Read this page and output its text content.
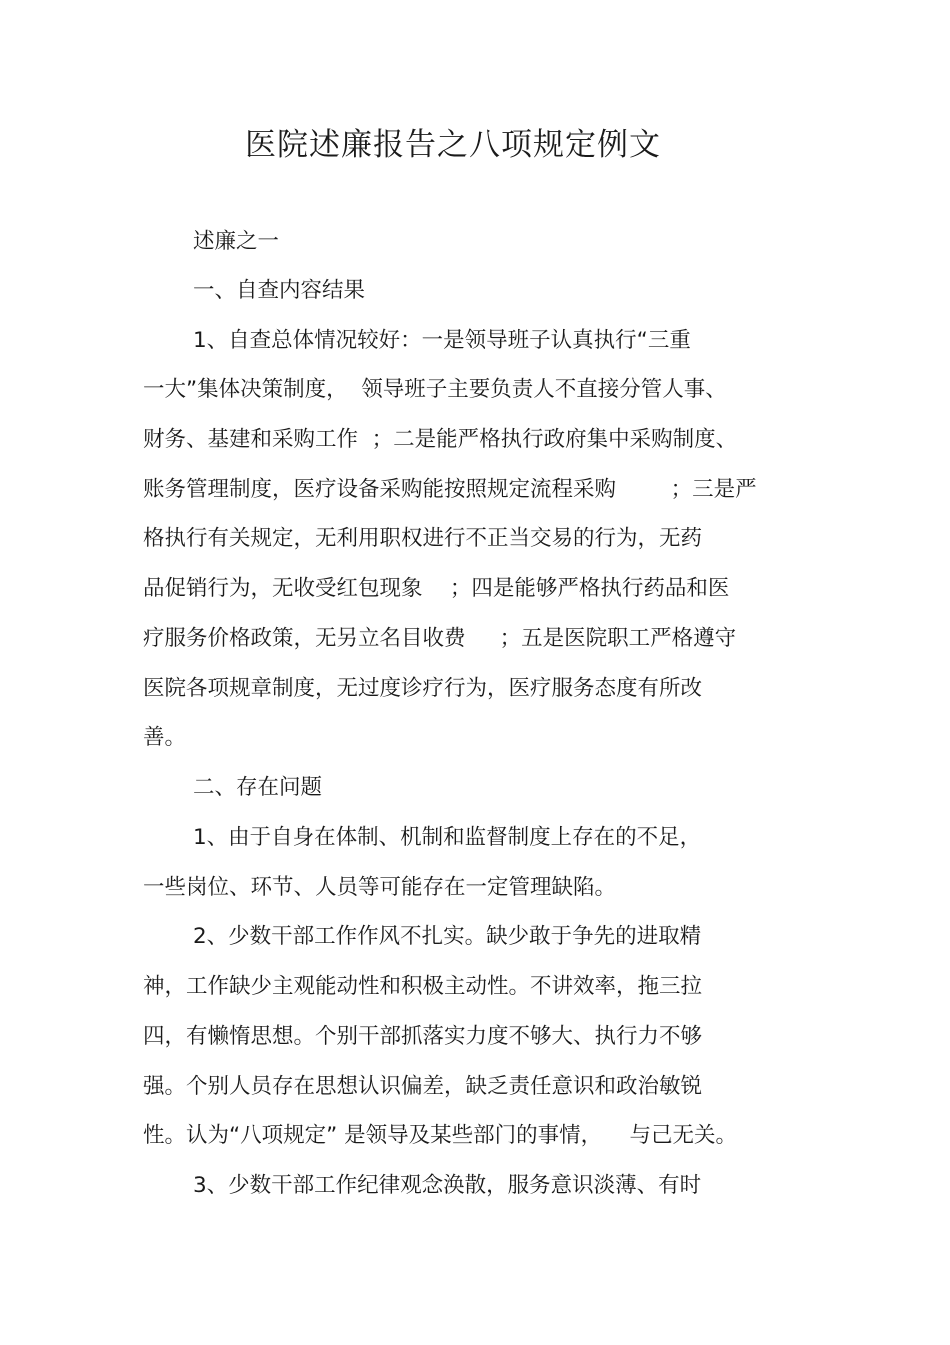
医院述廉报告之八项规定例文

述廉之一

一、自查内容结果

1、自查总体情况较好：一是领导班子认真执行“三重

一大”集体决策制度，  领导班子主要负责人不直接分管人事、

财务、基建和采购工作  ；二是能严格执行政府集中采购制度、

账务管理制度，医疗设备采购能按照规定流程采购        ；三是严

格执行有关规定，无利用职权进行不正当交易的行为，无药

品促销行为，无收受红包现象    ；四是能够严格执行药品和医

疗服务价格政策，无另立名目收费     ；五是医院职工严格遵守

医院各项规章制度，无过度诊疗行为，医疗服务态度有所改

善。

二、存在问题

1、由于自身在体制、机制和监督制度上存在的不足，

一些岗位、环节、人员等可能存在一定管理缺陷。

2、少数干部工作作风不扎实。缺少敢于争先的进取精

神，工作缺少主观能动性和积极主动性。不讲效率，拖三拉

四，有懒惰思想。个别干部抓落实力度不够大、执行力不够

强。个别人员存在思想认识偏差，缺乏责任意识和政治敏锐

性。认为“八项规定” 是领导及某些部门的事情，    与己无关。

3、少数干部工作纪律观念涣散，服务意识淡薄、有时
